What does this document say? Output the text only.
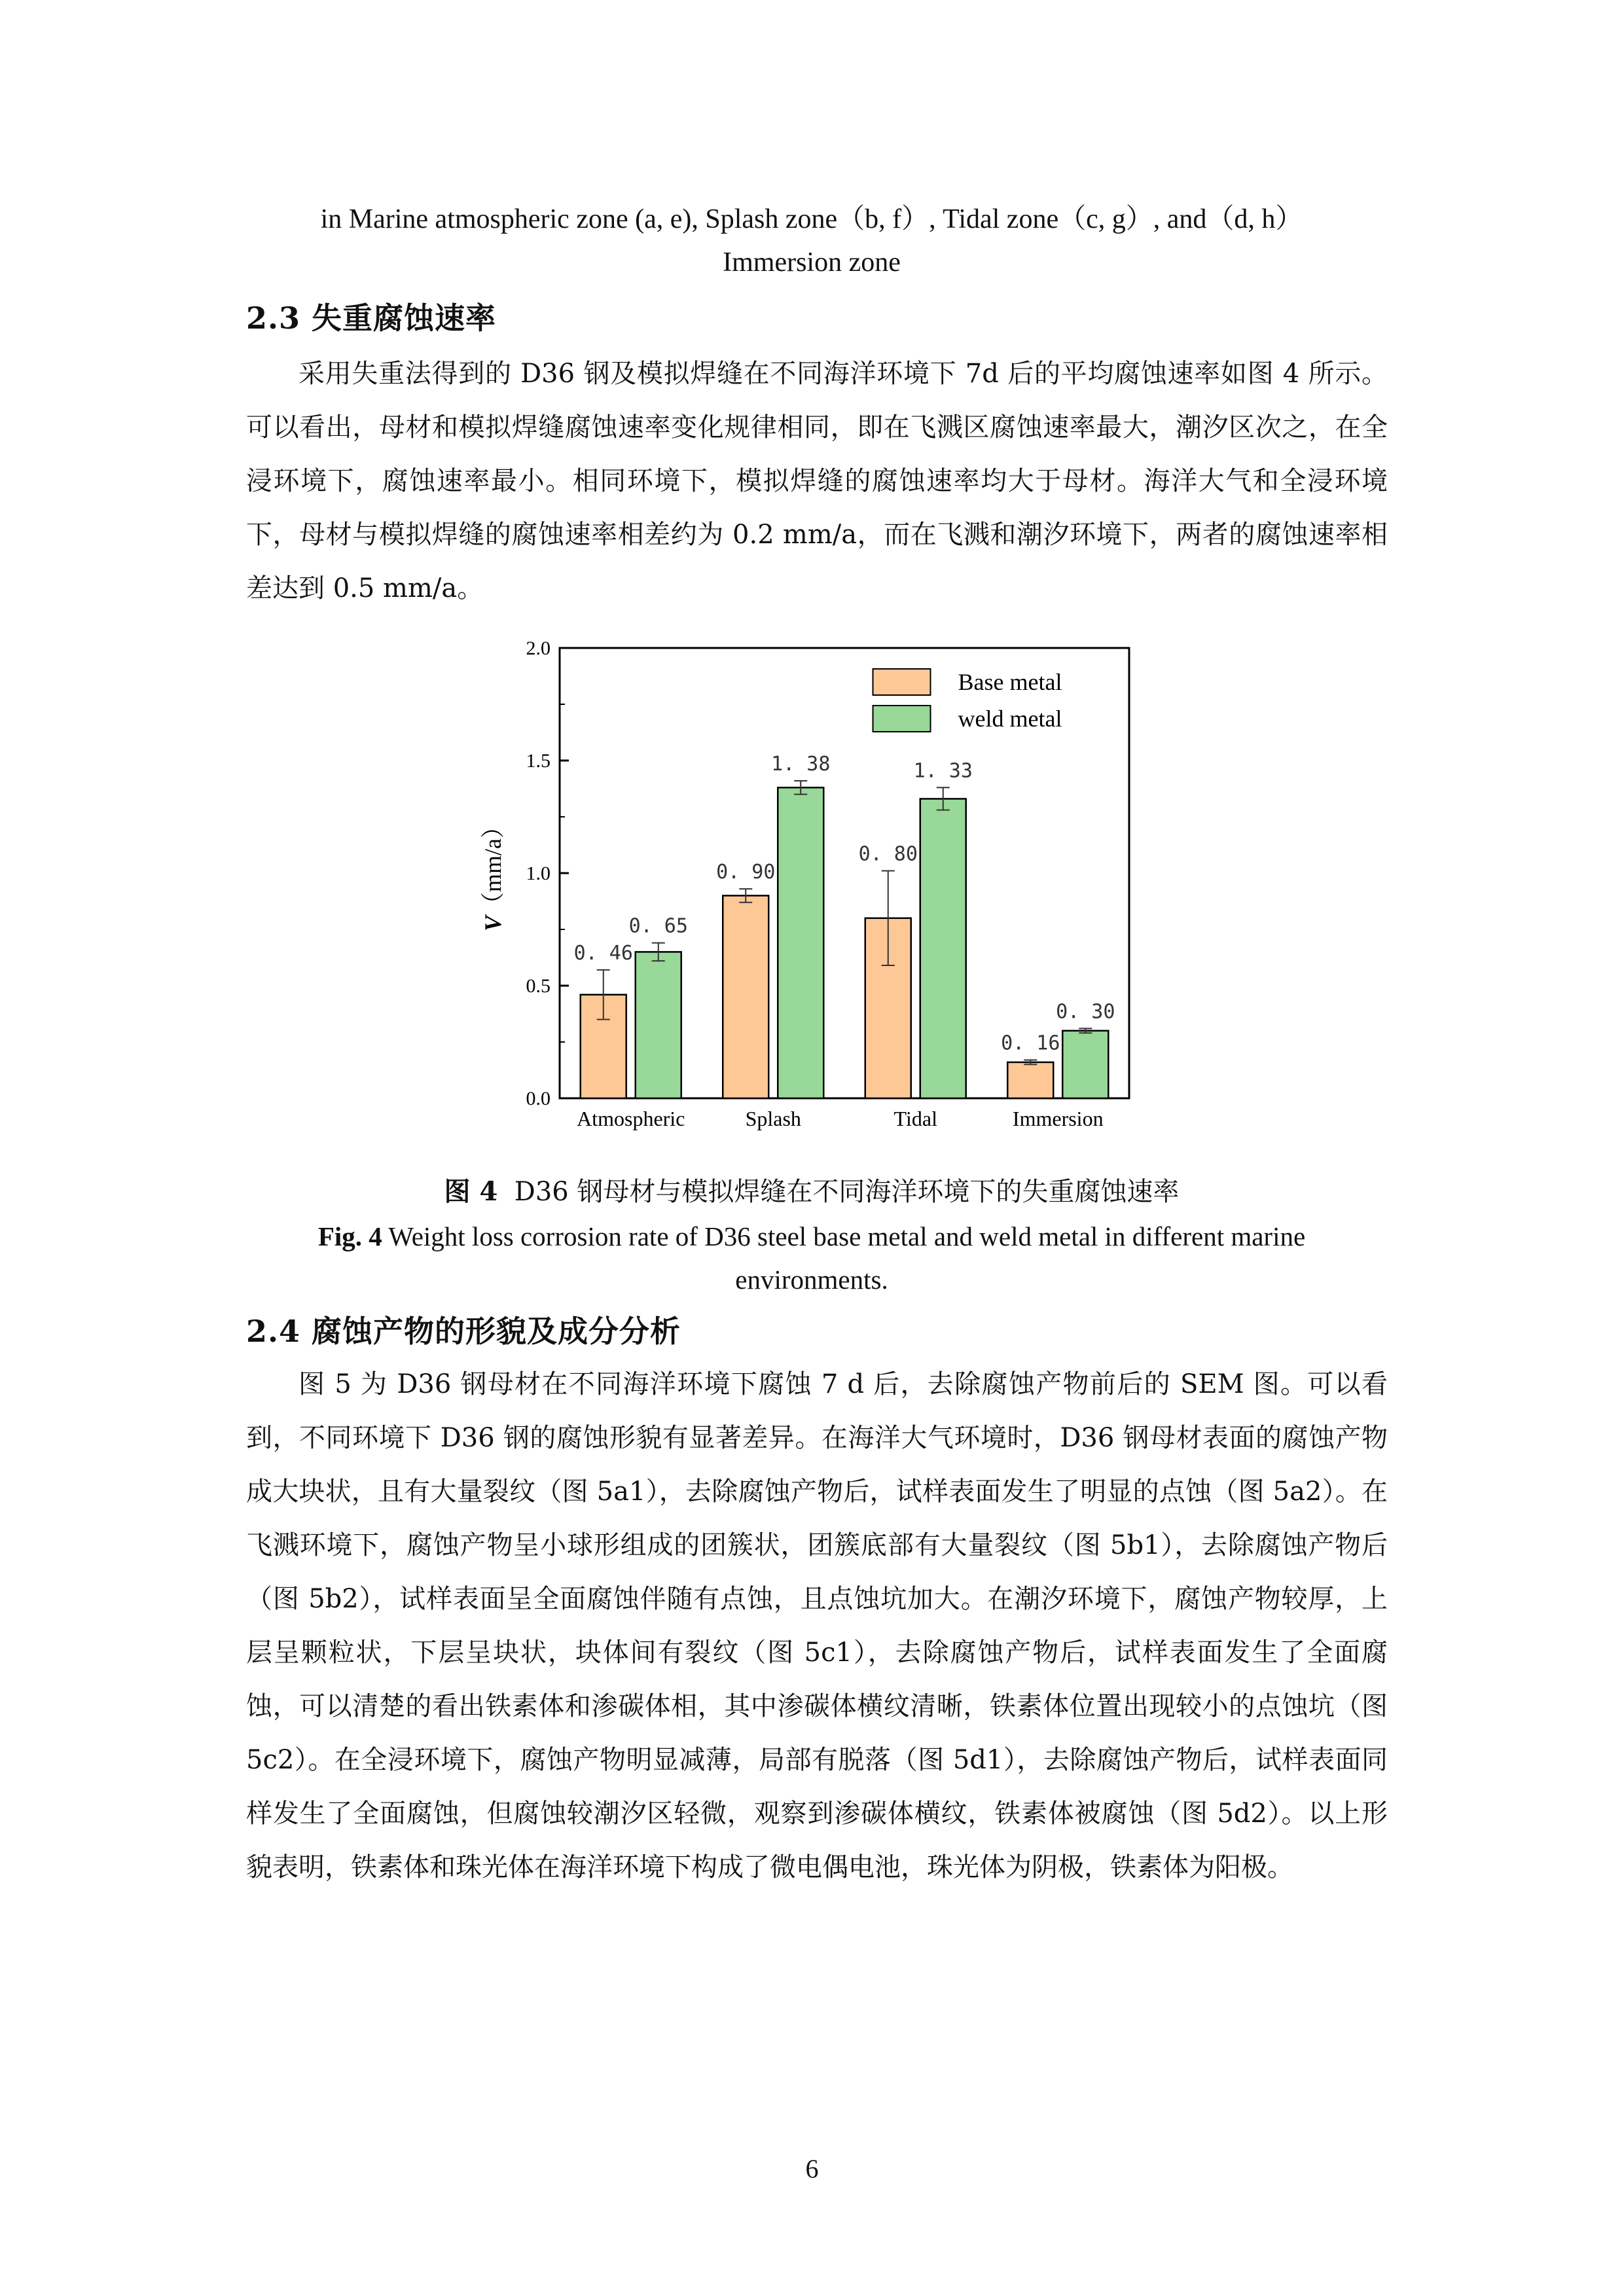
in Marine atmospheric zone (a, e), Splash zone（b, f）, Tidal zone（c, g）, and（d, h）
Immersion zone
2.3 失重腐蚀速率
采用失重法得到的 D36 钢及模拟焊缝在不同海洋环境下 7d 后的平均腐蚀速率如图 4 所示。可以看出，母材和模拟焊缝腐蚀速率变化规律相同，即在飞溅区腐蚀速率最大，潮汐区次之，在全浸环境下，腐蚀速率最小。相同环境下，模拟焊缝的腐蚀速率均大于母材。海洋大气和全浸环境下，母材与模拟焊缝的腐蚀速率相差约为 0.2 mm/a，而在飞溅和潮汐环境下，两者的腐蚀速率相差达到 0.5 mm/a。
0.0
0.5
1.0
1.5
2.0
V（mm/a）
Atmospheric
0. 46
0. 65
Splash
0. 90
1. 38
Tidal
0. 80
1. 33
Immersion
0. 16
0. 30
Base metal
weld metal
图 4 D36 钢母材与模拟焊缝在不同海洋环境下的失重腐蚀速率
Fig. 4 Weight loss corrosion rate of D36 steel base metal and weld metal in different marine environments.
2.4 腐蚀产物的形貌及成分分析
图 5 为 D36 钢母材在不同海洋环境下腐蚀 7 d 后，去除腐蚀产物前后的 SEM 图。可以看到，不同环境下 D36 钢的腐蚀形貌有显著差异。在海洋大气环境时，D36 钢母材表面的腐蚀产物成大块状，且有大量裂纹（图 5a1），去除腐蚀产物后，试样表面发生了明显的点蚀（图 5a2）。在飞溅环境下，腐蚀产物呈小球形组成的团簇状，团簇底部有大量裂纹（图 5b1），去除腐蚀产物后（图 5b2），试样表面呈全面腐蚀伴随有点蚀，且点蚀坑加大。在潮汐环境下，腐蚀产物较厚，上层呈颗粒状，下层呈块状，块体间有裂纹（图 5c1），去除腐蚀产物后，试样表面发生了全面腐蚀，可以清楚的看出铁素体和渗碳体相，其中渗碳体横纹清晰，铁素体位置出现较小的点蚀坑（图 5c2）。在全浸环境下，腐蚀产物明显减薄，局部有脱落（图 5d1），去除腐蚀产物后，试样表面同样发生了全面腐蚀，但腐蚀较潮汐区轻微，观察到渗碳体横纹，铁素体被腐蚀（图 5d2）。以上形貌表明，铁素体和珠光体在海洋环境下构成了微电偶电池，珠光体为阴极，铁素体为阳极。
6
